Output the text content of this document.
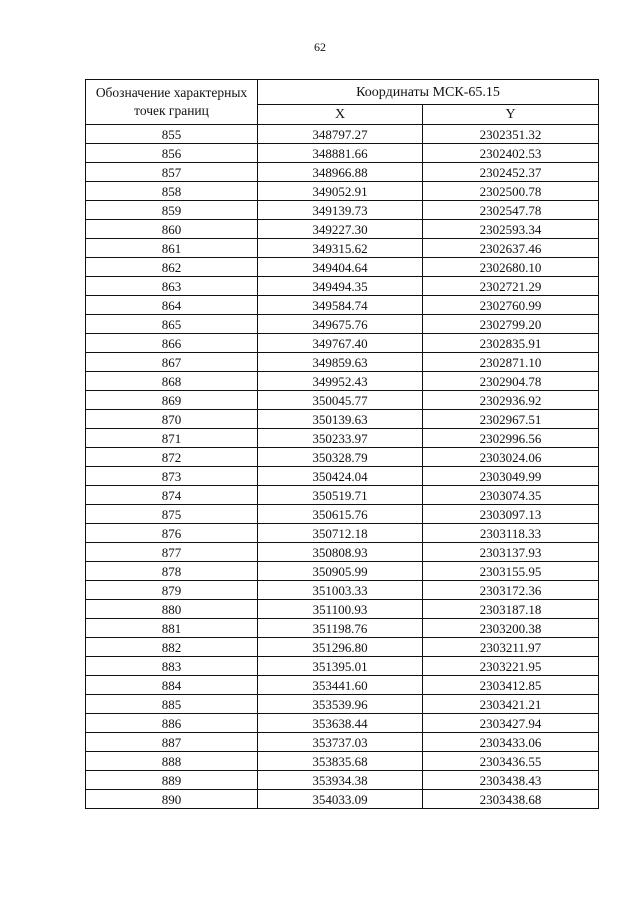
62
Обозначение характерных точек границ	Координаты МСК-65.15	
	X	Y
855	348797.27	2302351.32
856	348881.66	2302402.53
857	348966.88	2302452.37
858	349052.91	2302500.78
859	349139.73	2302547.78
860	349227.30	2302593.34
861	349315.62	2302637.46
862	349404.64	2302680.10
863	349494.35	2302721.29
864	349584.74	2302760.99
865	349675.76	2302799.20
866	349767.40	2302835.91
867	349859.63	2302871.10
868	349952.43	2302904.78
869	350045.77	2302936.92
870	350139.63	2302967.51
871	350233.97	2302996.56
872	350328.79	2303024.06
873	350424.04	2303049.99
874	350519.71	2303074.35
875	350615.76	2303097.13
876	350712.18	2303118.33
877	350808.93	2303137.93
878	350905.99	2303155.95
879	351003.33	2303172.36
880	351100.93	2303187.18
881	351198.76	2303200.38
882	351296.80	2303211.97
883	351395.01	2303221.95
884	353441.60	2303412.85
885	353539.96	2303421.21
886	353638.44	2303427.94
887	353737.03	2303433.06
888	353835.68	2303436.55
889	353934.38	2303438.43
890	354033.09	2303438.68
